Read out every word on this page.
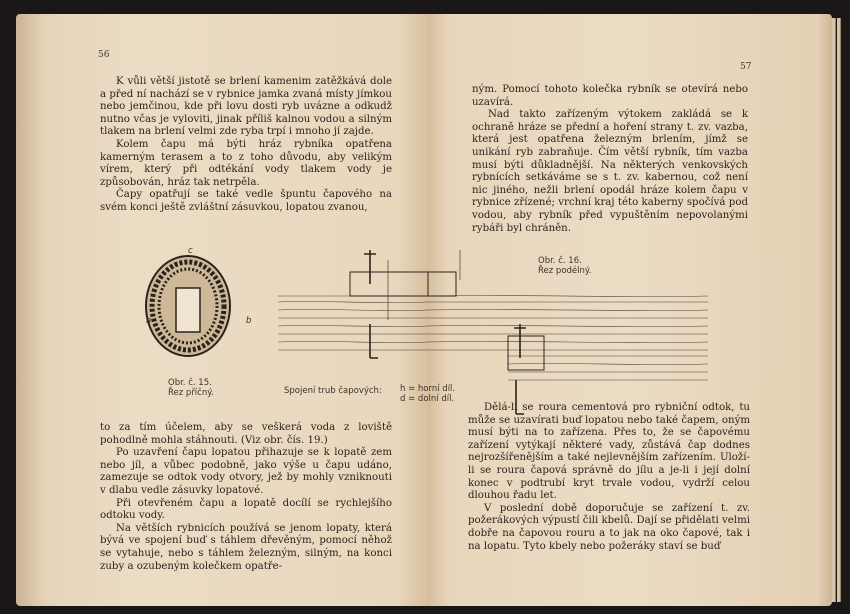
56

K vůli větší jistotě se brlení kamenim zatěžkává dole a před ní nachází se v rybnice jamka zvaná místy jímkou nebo jemčinou, kde při lovu dosti ryb uvázne a odkudž nutno včas je vyloviti, jinak příliš kalnou vodou a silným tlakem na brlení velmi zde ryba trpí i mnoho jí zajde.

Kolem čapu má býti hráz rybníka opatřena kamerným terasem a to z toho důvodu, aby velikým vírem, který při odtékání vody tlakem vody je způsobován, hráz tak netrpěla.

Čapy opatřují se také vedle špuntu čapového na svém konci ještě zvláštní zásuvkou, lopatou zvanou,

c
a	b
Obr. č. 15.
Řez příčný.	Spojení trub čapových:

to za tím účelem, aby se veškerá voda z loviště pohodlně mohla stáhnouti. (Viz obr. čís. 19.)

Po uzavření čapu lopatou přihazuje se k lopatě zem nebo jíl, a vůbec podobně, jako výše u čapu udáno, zamezuje se odtok vody otvory, jež by mohly vzniknouti v dlabu vedle zásuvky lopatové.

Při otevřeném čapu a lopatě docílí se rychlejšího odtoku vody.

Na větších rybnicích používá se jenom lopaty, která bývá ve spojení buď s táhlem dřevěným, pomocí něhož se vytahuje, nebo s táhlem železným, silným, na konci zuby a ozubeným kolečkem opatře-

57

ným. Pomocí tohoto kolečka rybník se otevírá nebo uzavírá.

Nad takto zařízeným výtokem zakládá se k ochraně hráze se přední a hoření strany t. zv. vazba, která jest opatřena železným brlením, jímž se unikání ryb zabraňuje. Čím větší rybník, tím vazba musí býti důkladnější. Na některých venkovských rybnících setkáváme se s t. zv. kabernou, což není nic jiného, nežli brlení opodál hráze kolem čapu v rybnice zřízené; vrchní kraj této kaberny spočívá pod vodou, aby rybník před vypuštěním nepovolanými rybáři byl chráněn.

Obr. č. 16.
Řez podélný.
h = horní díl.
d = dolní díl.

Dělá-li se roura cementová pro rybniční odtok, tu může se uzavírati buď lopatou nebo také čapem, oným musí býti na to zařízena. Přes to, že se čapovému zařízení vytýkají některé vady, zůstává čap dodnes nejrozšířenějším a také nejlevnějším zařízením. Uloží-li se roura čapová správně do jílu a je-li i její dolní konec v podtrubí kryt trvale vodou, vydrží celou dlouhou řadu let.

V poslední době doporučuje se zařízení t. zv. požerákových výpustí čili kbelů. Dají se přidělati velmi dobře na čapovou rouru a to jak na oko čapové, tak i na lopatu. Tyto kbely nebo požeráky staví se buď
